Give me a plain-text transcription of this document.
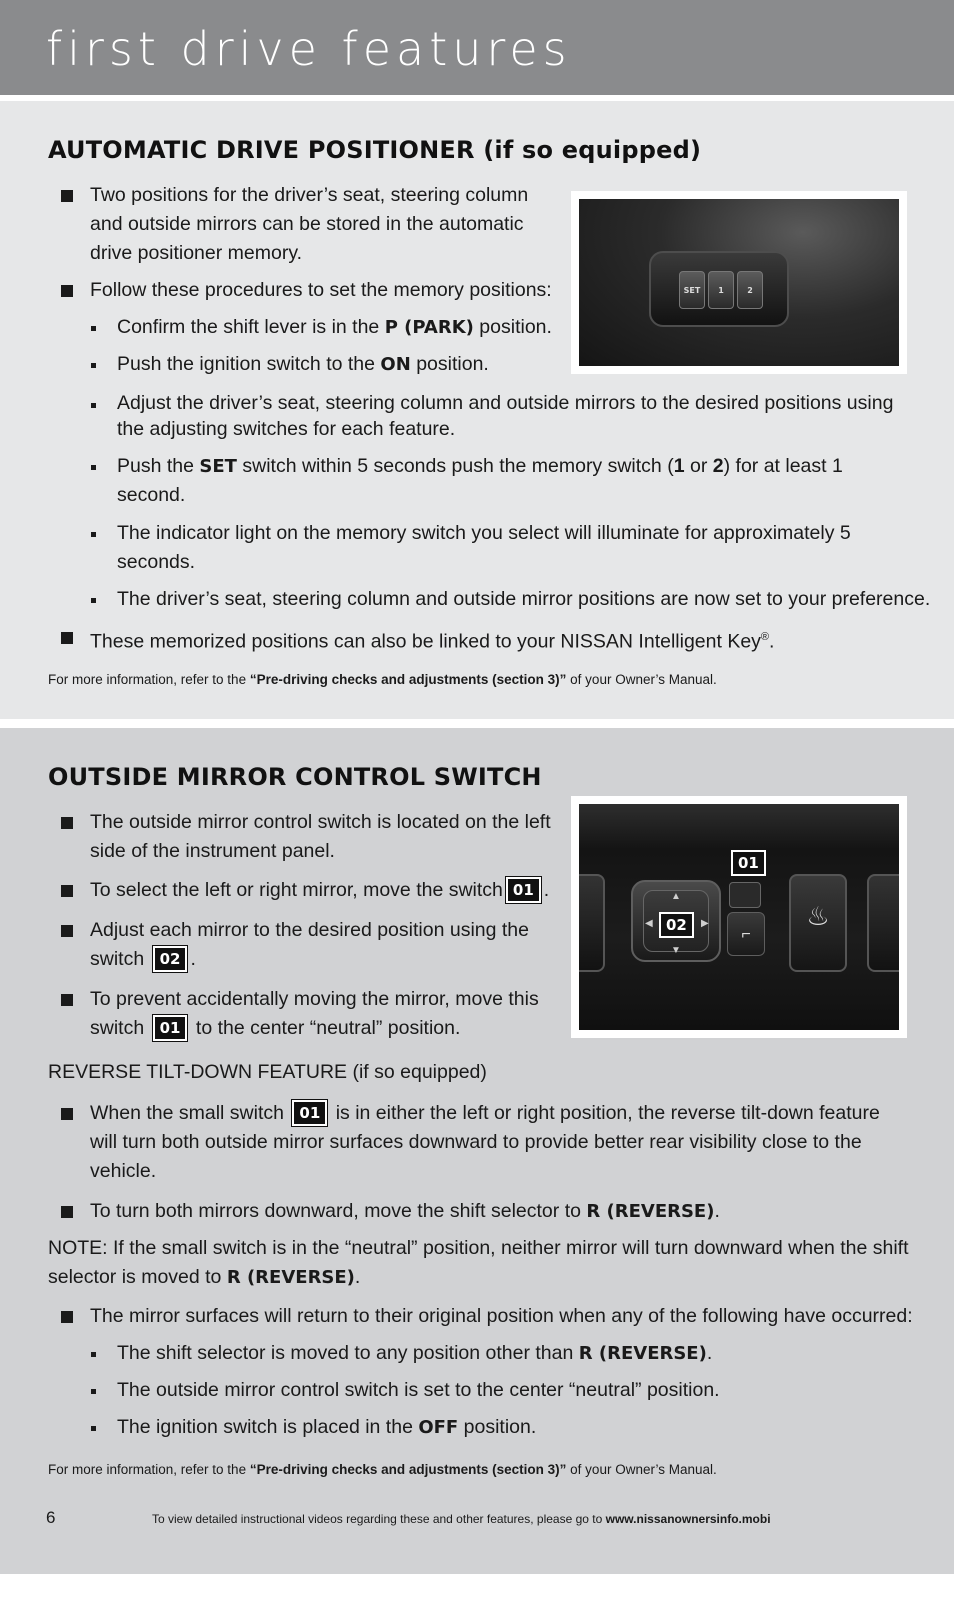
first drive features
AUTOMATIC DRIVE POSITIONER (if so equipped)
Two positions for the driver’s seat, steering column and outside mirrors can be stored in the automatic drive positioner memory.
Follow these procedures to set the memory positions:
Confirm the shift lever is in the P (PARK) position.
Push the ignition switch to the ON position.
SET	1	2
Adjust the driver’s seat, steering column and outside mirrors to the desired positions using the adjusting switches for each feature.
Push the SET switch within 5 seconds push the memory switch (1 or 2) for at least 1 second.
The indicator light on the memory switch you select will illuminate for approximately 5 seconds.
The driver’s seat, steering column and outside mirror positions are now set to your preference.
These memorized positions can also be linked to your NISSAN Intelligent Key®.
For more information, refer to the “Pre-driving checks and adjustments (section 3)” of your Owner’s Manual.
OUTSIDE MIRROR CONTROL SWITCH
The outside mirror control switch is located on the left side of the instrument panel.
To select the left or right mirror, move the switch 01 .
Adjust each mirror to the desired position using the switch 02 .
To prevent accidentally moving the mirror, move this switch 01 to the center “neutral” position.
▲
▼
◀	▶
⌐
♨
01
02
REVERSE TILT-DOWN FEATURE (if so equipped)
When the small switch 01 is in either the left or right position, the reverse tilt-down feature will turn both outside mirror surfaces downward to provide better rear visibility close to the vehicle.
To turn both mirrors downward, move the shift selector to R (REVERSE).
NOTE: If the small switch is in the “neutral” position, neither mirror will turn downward when the shift selector is moved to R (REVERSE).
The mirror surfaces will return to their original position when any of the following have occurred:
The shift selector is moved to any position other than R (REVERSE).
The outside mirror control switch is set to the center “neutral” position.
The ignition switch is placed in the OFF position.
For more information, refer to the “Pre-driving checks and adjustments (section 3)” of your Owner’s Manual.
6	To view detailed instructional videos regarding these and other features, please go to www.nissanownersinfo.mobi
